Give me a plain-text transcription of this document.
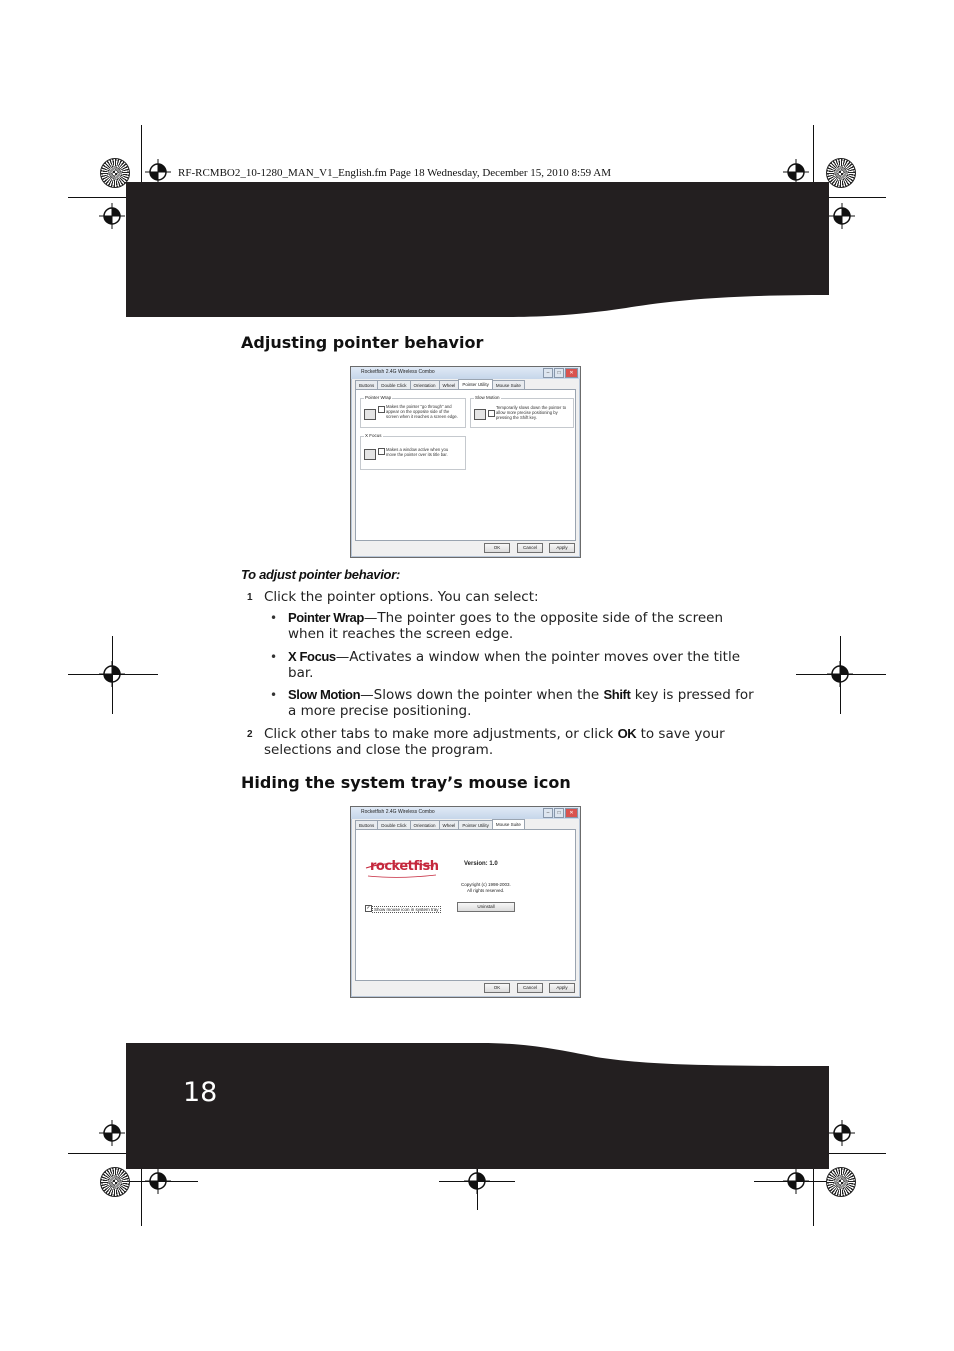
RF-RCMBO2_10-1280_MAN_V1_English.fm Page 18 Wednesday, December 15, 2010 8:59 AM
Adjusting pointer behavior
Rocketfish 2.4G Wireless Combo	–	□	✕
Buttons	Double Click	Orientation	Wheel	Pointer Utility	Mouse Suite
Pointer Wrap
Makes the pointer "go through" and appear on the opposite side of the screen when it reaches a screen edge.
Slow Motion
Temporarily slows down the pointer to allow more precise positioning by pressing the Shift key.
X Focus
Makes a window active when you move the pointer over its title bar.
OK	Cancel	Apply
To adjust pointer behavior:
1 Click the pointer options. You can select:
• Pointer Wrap—The pointer goes to the opposite side of the screen
when it reaches the screen edge.
• X Focus—Activates a window when the pointer moves over the title
bar.
• Slow Motion—Slows down the pointer when the Shift key is pressed for
a more precise positioning.
2 Click other tabs to make more adjustments, or click OK to save your
selections and close the program.
Hiding the system tray’s mouse icon
Rocketfish 2.4G Wireless Combo	–	□	✕
Buttons	Double Click	Orientation	Wheel	Pointer Utility	Mouse Suite
rocketfish	Version: 1.0
Copyright (c) 1998-2003.
All rights reserved.
✓ Show mouse icon in system tray
Uninstall
OK	Cancel	Apply
18
